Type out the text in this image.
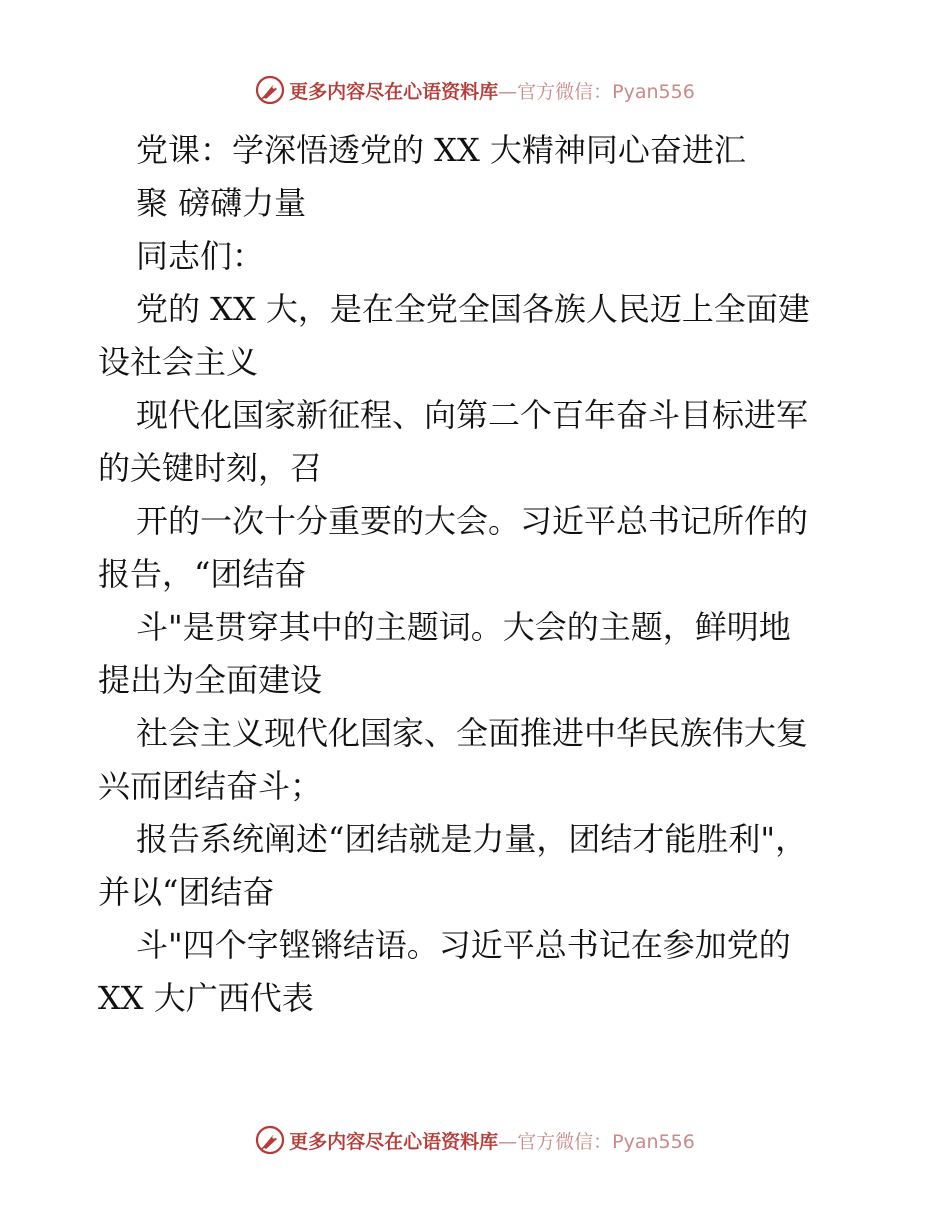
更多内容尽在心语资料库—官方微信：Pyan556
党课：学深悟透党的 XX 大精神同心奋进汇
聚 磅礴力量
同志们：
党的 XX 大，是在全党全国各族人民迈上全面建
设社会主义
现代化国家新征程、向第二个百年奋斗目标进军
的关键时刻，召
开的一次十分重要的大会。习近平总书记所作的
报告，“团结奋
斗"是贯穿其中的主题词。大会的主题，鲜明地
提出为全面建设
社会主义现代化国家、全面推进中华民族伟大复
兴而团结奋斗；
报告系统阐述“团结就是力量，团结才能胜利"，
并以“团结奋
斗"四个字铿锵结语。习近平总书记在参加党的
XX 大广西代表
更多内容尽在心语资料库—官方微信：Pyan556
